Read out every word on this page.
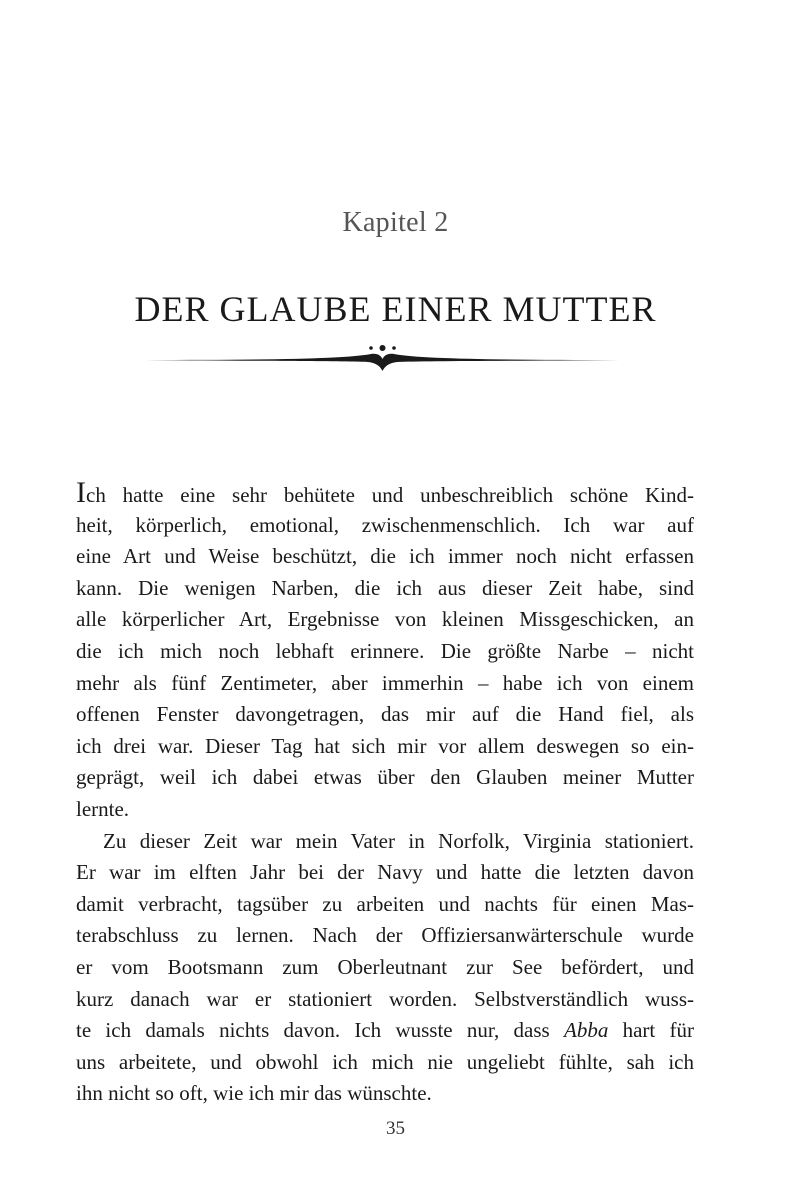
Kapitel 2
DER GLAUBE EINER MUTTER
Ich hatte eine sehr behütete und unbeschreiblich schöne Kind-
heit, körperlich, emotional, zwischenmenschlich. Ich war auf
eine Art und Weise beschützt, die ich immer noch nicht erfassen
kann. Die wenigen Narben, die ich aus dieser Zeit habe, sind
alle körperlicher Art, Ergebnisse von kleinen Missgeschicken, an
die ich mich noch lebhaft erinnere. Die größte Narbe – nicht
mehr als fünf Zentimeter, aber immerhin – habe ich von einem
offenen Fenster davongetragen, das mir auf die Hand fiel, als
ich drei war. Dieser Tag hat sich mir vor allem deswegen so ein-
geprägt, weil ich dabei etwas über den Glauben meiner Mutter
lernte.
Zu dieser Zeit war mein Vater in Norfolk, Virginia stationiert.
Er war im elften Jahr bei der Navy und hatte die letzten davon
damit verbracht, tagsüber zu arbeiten und nachts für einen Mas-
terabschluss zu lernen. Nach der Offiziersanwärterschule wurde
er vom Bootsmann zum Oberleutnant zur See befördert, und
kurz danach war er stationiert worden. Selbstverständlich wuss-
te ich damals nichts davon. Ich wusste nur, dass Abba hart für
uns arbeitete, und obwohl ich mich nie ungeliebt fühlte, sah ich
ihn nicht so oft, wie ich mir das wünschte.
35
